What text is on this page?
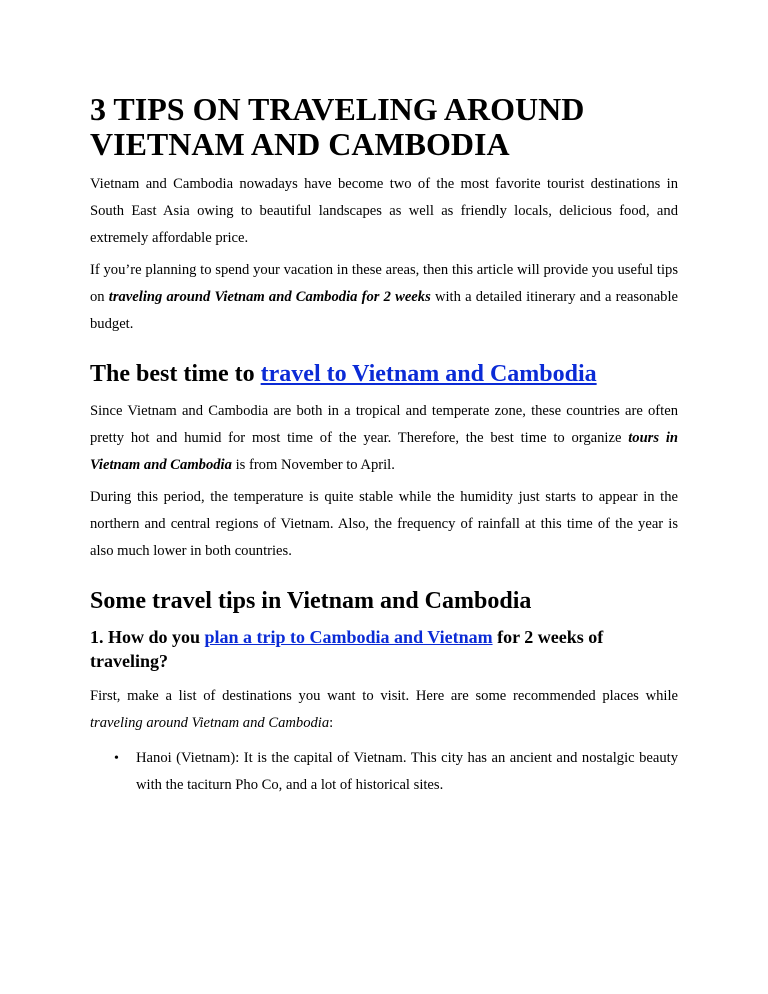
3 TIPS ON TRAVELING AROUND VIETNAM AND CAMBODIA

Vietnam and Cambodia nowadays have become two of the most favorite tourist destinations in South East Asia owing to beautiful landscapes as well as friendly locals, delicious food, and extremely affordable price.

If you’re planning to spend your vacation in these areas, then this article will provide you useful tips on traveling around Vietnam and Cambodia for 2 weeks with a detailed itinerary and a reasonable budget.

The best time to travel to Vietnam and Cambodia

Since Vietnam and Cambodia are both in a tropical and temperate zone, these countries are often pretty hot and humid for most time of the year. Therefore, the best time to organize tours in Vietnam and Cambodia is from November to April.

During this period, the temperature is quite stable while the humidity just starts to appear in the northern and central regions of Vietnam. Also, the frequency of rainfall at this time of the year is also much lower in both countries.

Some travel tips in Vietnam and Cambodia
1. How do you plan a trip to Cambodia and Vietnam for 2 weeks of traveling?

First, make a list of destinations you want to visit. Here are some recommended places while traveling around Vietnam and Cambodia:

• Hanoi (Vietnam): It is the capital of Vietnam. This city has an ancient and nostalgic beauty with the taciturn Pho Co, and a lot of historical sites.
